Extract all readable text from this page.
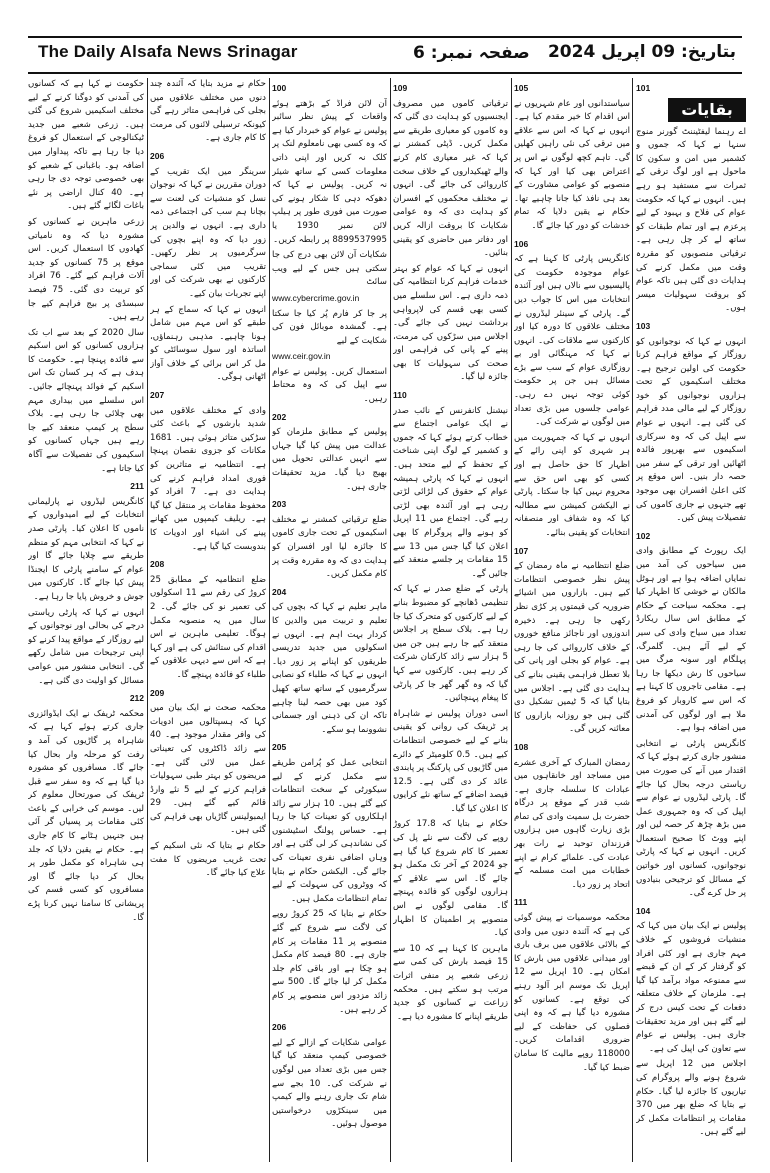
The Daily Alsafa News Srinagar	صفحہ نمبر: 6 بتاریخ: 09 اپریل 2024
101
بقایات

اے رہنما لیفٹیننٹ گورنر منوج سنہا نے کہا کہ جموں و کشمیر میں امن و سکون کا ماحول ہے اور لوگ ترقی کے ثمرات سے مستفید ہو رہے ہیں۔ انہوں نے کہا کہ حکومت عوام کی فلاح و بہبود کے لیے پرعزم ہے اور تمام طبقات کو ساتھ لے کر چل رہی ہے۔ ترقیاتی منصوبوں کو مقررہ وقت میں مکمل کرنے کی ہدایات دی گئی ہیں تاکہ عوام کو بروقت سہولیات میسر ہوں۔

103

انہوں نے کہا کہ نوجوانوں کو روزگار کے مواقع فراہم کرنا حکومت کی اولین ترجیح ہے۔ مختلف اسکیموں کے تحت ہزاروں نوجوانوں کو خود روزگار کے لیے مالی مدد فراہم کی گئی ہے۔ انہوں نے عوام سے اپیل کی کہ وہ سرکاری اسکیموں سے بھرپور فائدہ اٹھائیں اور ترقی کے سفر میں حصہ دار بنیں۔ اس موقع پر کئی اعلیٰ افسران بھی موجود تھے جنہوں نے جاری کاموں کی تفصیلات پیش کیں۔

102

ایک رپورٹ کے مطابق وادی میں سیاحوں کی آمد میں نمایاں اضافہ ہوا ہے اور ہوٹل مالکان نے خوشی کا اظہار کیا ہے۔ محکمہ سیاحت کے حکام کے مطابق اس سال ریکارڈ تعداد میں سیاح وادی کی سیر کے لیے آئے ہیں۔ گلمرگ، پہلگام اور سونہ مرگ میں سیاحوں کا رش دیکھا جا رہا ہے۔ مقامی تاجروں کا کہنا ہے کہ اس سے کاروبار کو فروغ ملا ہے اور لوگوں کی آمدنی میں اضافہ ہوا ہے۔

کانگریس پارٹی نے انتخابی منشور جاری کرتے ہوئے کہا کہ اقتدار میں آنے کی صورت میں ریاستی درجہ بحال کیا جائے گا۔ پارٹی لیڈروں نے عوام سے اپیل کی کہ وہ جمہوری عمل میں بڑھ چڑھ کر حصہ لیں اور اپنے ووٹ کا صحیح استعمال کریں۔ انہوں نے کہا کہ پارٹی نوجوانوں، کسانوں اور خواتین کے مسائل کو ترجیحی بنیادوں پر حل کرے گی۔

104

پولیس نے ایک بیان میں کہا کہ منشیات فروشوں کے خلاف مہم جاری ہے اور کئی افراد کو گرفتار کر کے ان کے قبضے سے ممنوعہ مواد برآمد کیا گیا ہے۔ ملزمان کے خلاف متعلقہ دفعات کے تحت کیس درج کر لیے گئے ہیں اور مزید تحقیقات جاری ہیں۔ پولیس نے عوام سے تعاون کی اپیل کی ہے۔

اجلاس میں 12 اپریل سے شروع ہونے والے پروگرام کی تیاریوں کا جائزہ لیا گیا۔ حکام نے بتایا کہ ضلع بھر میں 370 مقامات پر انتظامات مکمل کر لیے گئے ہیں۔

105

سیاستدانوں اور عام شہریوں نے اس اقدام کا خیر مقدم کیا ہے۔ انہوں نے کہا کہ اس سے علاقے میں ترقی کی نئی راہیں کھلیں گی۔ تاہم کچھ لوگوں نے اس پر اعتراض بھی کیا اور کہا کہ منصوبے کو عوامی مشاورت کے بعد ہی نافذ کیا جانا چاہیے تھا۔ حکام نے یقین دلایا کہ تمام خدشات کو دور کیا جائے گا۔

106

کانگریس پارٹی کا کہنا ہے کہ عوام موجودہ حکومت کی پالیسیوں سے نالاں ہیں اور آئندہ انتخابات میں اس کا جواب دیں گے۔ پارٹی کے سینئر لیڈروں نے مختلف علاقوں کا دورہ کیا اور کارکنوں سے ملاقات کی۔ انہوں نے کہا کہ مہنگائی اور بے روزگاری عوام کے سب سے بڑے مسائل ہیں جن پر حکومت کوئی توجہ نہیں دے رہی۔ عوامی جلسوں میں بڑی تعداد میں لوگوں نے شرکت کی۔

انہوں نے کہا کہ جمہوریت میں ہر شہری کو اپنی رائے کے اظہار کا حق حاصل ہے اور کسی کو بھی اس حق سے محروم نہیں کیا جا سکتا۔ پارٹی نے الیکشن کمیشن سے مطالبہ کیا کہ وہ شفاف اور منصفانہ انتخابات کو یقینی بنائے۔

107

ضلع انتظامیہ نے ماہ رمضان کے پیش نظر خصوصی انتظامات کیے ہیں۔ بازاروں میں اشیائے ضروریہ کی قیمتوں پر کڑی نظر رکھی جا رہی ہے۔ ذخیرہ اندوزوں اور ناجائز منافع خوروں کے خلاف کارروائی کی جا رہی ہے۔ عوام کو بجلی اور پانی کی بلا تعطل فراہمی یقینی بنانے کی ہدایت دی گئی ہے۔ اجلاس میں بتایا گیا کہ 5 ٹیمیں تشکیل دی گئی ہیں جو روزانہ بازاروں کا معائنہ کریں گی۔

108

رمضان المبارک کے آخری عشرے میں مساجد اور خانقاہوں میں عبادات کا سلسلہ جاری ہے۔ شب قدر کے موقع پر درگاہ حضرت بل سمیت وادی کی تمام بڑی زیارت گاہوں میں ہزاروں فرزندان توحید نے رات بھر عبادت کی۔ علمائے کرام نے اپنے خطابات میں امت مسلمہ کے اتحاد پر زور دیا۔

111

محکمہ موسمیات نے پیش گوئی کی ہے کہ آئندہ دنوں میں وادی کے بالائی علاقوں میں برف باری اور میدانی علاقوں میں بارش کا امکان ہے۔ 10 اپریل سے 12 اپریل تک موسم ابر آلود رہنے کی توقع ہے۔ کسانوں کو مشورہ دیا گیا ہے کہ وہ اپنی فصلوں کی حفاظت کے لیے ضروری اقدامات کریں۔ 118000 روپے مالیت کا سامان ضبط کیا گیا۔

109

ترقیاتی کاموں میں مصروف ایجنسیوں کو ہدایت دی گئی کہ وہ کاموں کو معیاری طریقے سے مکمل کریں۔ ڈپٹی کمشنر نے کہا کہ غیر معیاری کام کرنے والے ٹھیکیداروں کے خلاف سخت کارروائی کی جائے گی۔ انہوں نے مختلف محکموں کے افسران کو ہدایت دی کہ وہ عوامی شکایات کا بروقت ازالہ کریں اور دفاتر میں حاضری کو یقینی بنائیں۔

انہوں نے کہا کہ عوام کو بہتر خدمات فراہم کرنا انتظامیہ کی ذمہ داری ہے۔ اس سلسلے میں کسی بھی قسم کی لاپرواہی برداشت نہیں کی جائے گی۔ اجلاس میں سڑکوں کی مرمت، پینے کے پانی کی فراہمی اور صحت کی سہولیات کا بھی جائزہ لیا گیا۔

110

نیشنل کانفرنس کے نائب صدر نے ایک عوامی اجتماع سے خطاب کرتے ہوئے کہا کہ جموں و کشمیر کے لوگ اپنی شناخت کے تحفظ کے لیے متحد ہیں۔ انہوں نے کہا کہ پارٹی ہمیشہ عوام کے حقوق کی لڑائی لڑتی رہی ہے اور آئندہ بھی لڑتی رہے گی۔ اجتماع میں 11 اپریل کو ہونے والے پروگرام کا بھی اعلان کیا گیا جس میں 13 سے 15 مقامات پر جلسے منعقد کیے جائیں گے۔

پارٹی کے ضلع صدر نے کہا کہ تنظیمی ڈھانچے کو مضبوط بنانے کے لیے کارکنوں کو متحرک کیا جا رہا ہے۔ بلاک سطح پر اجلاس منعقد کیے جا رہے ہیں جن میں 5 ہزار سے زائد کارکنان شرکت کر رہے ہیں۔ کارکنوں سے کہا گیا کہ وہ گھر گھر جا کر پارٹی کا پیغام پہنچائیں۔

اسی دوران پولیس نے شاہراہ پر ٹریفک کی روانی کو یقینی بنانے کے لیے خصوصی انتظامات کیے ہیں۔ 0.5 کلومیٹر کے دائرے میں گاڑیوں کی پارکنگ پر پابندی عائد کر دی گئی ہے۔ 12.5 فیصد اضافے کے ساتھ نئے کرایوں کا اعلان کیا گیا۔

حکام نے بتایا کہ 17.8 کروڑ روپے کی لاگت سے نئے پل کی تعمیر کا کام شروع کیا گیا ہے جو 2024 کے آخر تک مکمل ہو جائے گا۔ اس سے علاقے کے ہزاروں لوگوں کو فائدہ پہنچے گا۔ مقامی لوگوں نے اس منصوبے پر اطمینان کا اظہار کیا۔

ماہرین کا کہنا ہے کہ 10 سے 15 فیصد بارش کی کمی سے زرعی شعبے پر منفی اثرات مرتب ہو سکتے ہیں۔ محکمہ زراعت نے کسانوں کو جدید طریقے اپنانے کا مشورہ دیا ہے۔

100

آن لائن فراڈ کے بڑھتے ہوئے واقعات کے پیش نظر سائبر پولیس نے عوام کو خبردار کیا ہے کہ وہ کسی بھی نامعلوم لنک پر کلک نہ کریں اور اپنی ذاتی معلومات کسی کے ساتھ شیئر نہ کریں۔ پولیس نے کہا کہ دھوکہ دہی کا شکار ہونے کی صورت میں فوری طور پر ہیلپ لائن نمبر 1930 یا 8899537995 پر رابطہ کریں۔

شکایات آن لائن بھی درج کی جا سکتی ہیں جس کے لیے ویب سائٹ

www.cybercrime.gov.in

پر جا کر فارم پُر کیا جا سکتا ہے۔ گمشدہ موبائل فون کی شکایت کے لیے

www.ceir.gov.in

استعمال کریں۔ پولیس نے عوام سے اپیل کی کہ وہ محتاط رہیں۔

202

پولیس کے مطابق ملزمان کو عدالت میں پیش کیا گیا جہاں سے انہیں عدالتی تحویل میں بھیج دیا گیا۔ مزید تحقیقات جاری ہیں۔

203

ضلع ترقیاتی کمشنر نے مختلف اسکیموں کے تحت جاری کاموں کا جائزہ لیا اور افسران کو ہدایت دی کہ وہ مقررہ وقت پر کام مکمل کریں۔

204

ماہر تعلیم نے کہا کہ بچوں کی تعلیم و تربیت میں والدین کا کردار بہت اہم ہے۔ انہوں نے اسکولوں میں جدید تدریسی طریقوں کو اپنانے پر زور دیا۔ انہوں نے کہا کہ طلباء کو نصابی سرگرمیوں کے ساتھ ساتھ کھیل کود میں بھی حصہ لینا چاہیے تاکہ ان کی ذہنی اور جسمانی نشوونما ہو سکے۔

205

انتخابی عمل کو پُرامن طریقے سے مکمل کرنے کے لیے سیکورٹی کے سخت انتظامات کیے گئے ہیں۔ 10 ہزار سے زائد اہلکاروں کو تعینات کیا جا رہا ہے۔ حساس پولنگ اسٹیشنوں کی نشاندہی کر لی گئی ہے اور وہاں اضافی نفری تعینات کی جائے گی۔ الیکشن حکام نے بتایا کہ ووٹروں کی سہولت کے لیے تمام انتظامات مکمل ہیں۔

حکام نے بتایا کہ 25 کروڑ روپے کی لاگت سے شروع کیے گئے منصوبے پر 11 مقامات پر کام جاری ہے۔ 80 فیصد کام مکمل ہو چکا ہے اور باقی کام جلد مکمل کر لیا جائے گا۔ 500 سے زائد مزدور اس منصوبے پر کام کر رہے ہیں۔

206

عوامی شکایات کے ازالے کے لیے خصوصی کیمپ منعقد کیا گیا جس میں بڑی تعداد میں لوگوں نے شرکت کی۔ 10 بجے سے شام تک جاری رہنے والے کیمپ میں سینکڑوں درخواستیں موصول ہوئیں۔

حکام نے مزید بتایا کہ آئندہ چند دنوں میں مختلف علاقوں میں بجلی کی فراہمی متاثر رہے گی کیونکہ ترسیلی لائنوں کی مرمت کا کام جاری ہے۔

206

سرینگر میں ایک تقریب کے دوران مقررین نے کہا کہ نوجوان نسل کو منشیات کی لعنت سے بچانا ہم سب کی اجتماعی ذمہ داری ہے۔ انہوں نے والدین پر زور دیا کہ وہ اپنے بچوں کی سرگرمیوں پر نظر رکھیں۔ تقریب میں کئی سماجی کارکنوں نے بھی شرکت کی اور اپنے تجربات بیان کیے۔

انہوں نے کہا کہ سماج کے ہر طبقے کو اس مہم میں شامل ہونا چاہیے۔ مذہبی رہنماؤں، اساتذہ اور سول سوسائٹی کو مل کر اس برائی کے خلاف آواز اٹھانی ہوگی۔

207

وادی کے مختلف علاقوں میں شدید بارشوں کے باعث کئی سڑکیں متاثر ہوئی ہیں۔ 1681 مکانات کو جزوی نقصان پہنچا ہے۔ انتظامیہ نے متاثرین کو فوری امداد فراہم کرنے کی ہدایت دی ہے۔ 7 افراد کو محفوظ مقامات پر منتقل کیا گیا ہے۔ ریلیف کیمپوں میں کھانے پینے کی اشیاء اور ادویات کا بندوبست کیا گیا ہے۔

208

ضلع انتظامیہ کے مطابق 25 کروڑ کی رقم سے 11 اسکولوں کی تعمیر نو کی جائے گی۔ 2 سال میں یہ منصوبہ مکمل ہوگا۔ تعلیمی ماہرین نے اس اقدام کی ستائش کی ہے اور کہا ہے کہ اس سے دیہی علاقوں کے طلباء کو فائدہ پہنچے گا۔

209

محکمہ صحت نے ایک بیان میں کہا کہ ہسپتالوں میں ادویات کی وافر مقدار موجود ہے۔ 40 سے زائد ڈاکٹروں کی تعیناتی عمل میں لائی گئی ہے۔ مریضوں کو بہتر طبی سہولیات فراہم کرنے کے لیے 5 نئے وارڈ قائم کیے گئے ہیں۔ 29 ایمبولینس گاڑیاں بھی فراہم کی گئی ہیں۔

حکام نے بتایا کہ نئی اسکیم کے تحت غریب مریضوں کا مفت علاج کیا جائے گا۔

حکومت نے کہا ہے کہ کسانوں کی آمدنی کو دوگنا کرنے کے لیے مختلف اسکیمیں شروع کی گئی ہیں۔ زرعی شعبے میں جدید ٹیکنالوجی کے استعمال کو فروغ دیا جا رہا ہے تاکہ پیداوار میں اضافہ ہو۔ باغبانی کے شعبے کو بھی خصوصی توجہ دی جا رہی ہے۔ 40 کنال اراضی پر نئے باغات لگائے گئے ہیں۔

زرعی ماہرین نے کسانوں کو مشورہ دیا کہ وہ نامیاتی کھادوں کا استعمال کریں۔ اس موقع پر 75 کسانوں کو جدید آلات فراہم کیے گئے۔ 76 افراد کو تربیت دی گئی۔ 75 فیصد سبسڈی پر بیج فراہم کیے جا رہے ہیں۔

سال 2020 کے بعد سے اب تک ہزاروں کسانوں کو اس اسکیم سے فائدہ پہنچا ہے۔ حکومت کا ہدف ہے کہ ہر کسان تک اس اسکیم کے فوائد پہنچائے جائیں۔ اس سلسلے میں بیداری مہم بھی چلائی جا رہی ہے۔ بلاک سطح پر کیمپ منعقد کیے جا رہے ہیں جہاں کسانوں کو اسکیموں کی تفصیلات سے آگاہ کیا جاتا ہے۔

211

کانگریس لیڈروں نے پارلیمانی انتخابات کے لیے امیدواروں کے ناموں کا اعلان کیا۔ پارٹی صدر نے کہا کہ انتخابی مہم کو منظم طریقے سے چلایا جائے گا اور عوام کے سامنے پارٹی کا ایجنڈا پیش کیا جائے گا۔ کارکنوں میں جوش و خروش پایا جا رہا ہے۔

انہوں نے کہا کہ پارٹی ریاستی درجے کی بحالی اور نوجوانوں کے لیے روزگار کے مواقع پیدا کرنے کو اپنی ترجیحات میں شامل رکھے گی۔ انتخابی منشور میں عوامی مسائل کو اولیت دی گئی ہے۔

212

محکمہ ٹریفک نے ایک ایڈوائزری جاری کرتے ہوئے کہا ہے کہ شاہراہ پر گاڑیوں کی آمد و رفت کو مرحلہ وار بحال کیا جائے گا۔ مسافروں کو مشورہ دیا گیا ہے کہ وہ سفر سے قبل ٹریفک کی صورتحال معلوم کر لیں۔ موسم کی خرابی کے باعث کئی مقامات پر پسیاں گر آئی ہیں جنہیں ہٹانے کا کام جاری ہے۔ حکام نے یقین دلایا کہ جلد ہی شاہراہ کو مکمل طور پر بحال کر دیا جائے گا اور مسافروں کو کسی قسم کی پریشانی کا سامنا نہیں کرنا پڑے گا۔
